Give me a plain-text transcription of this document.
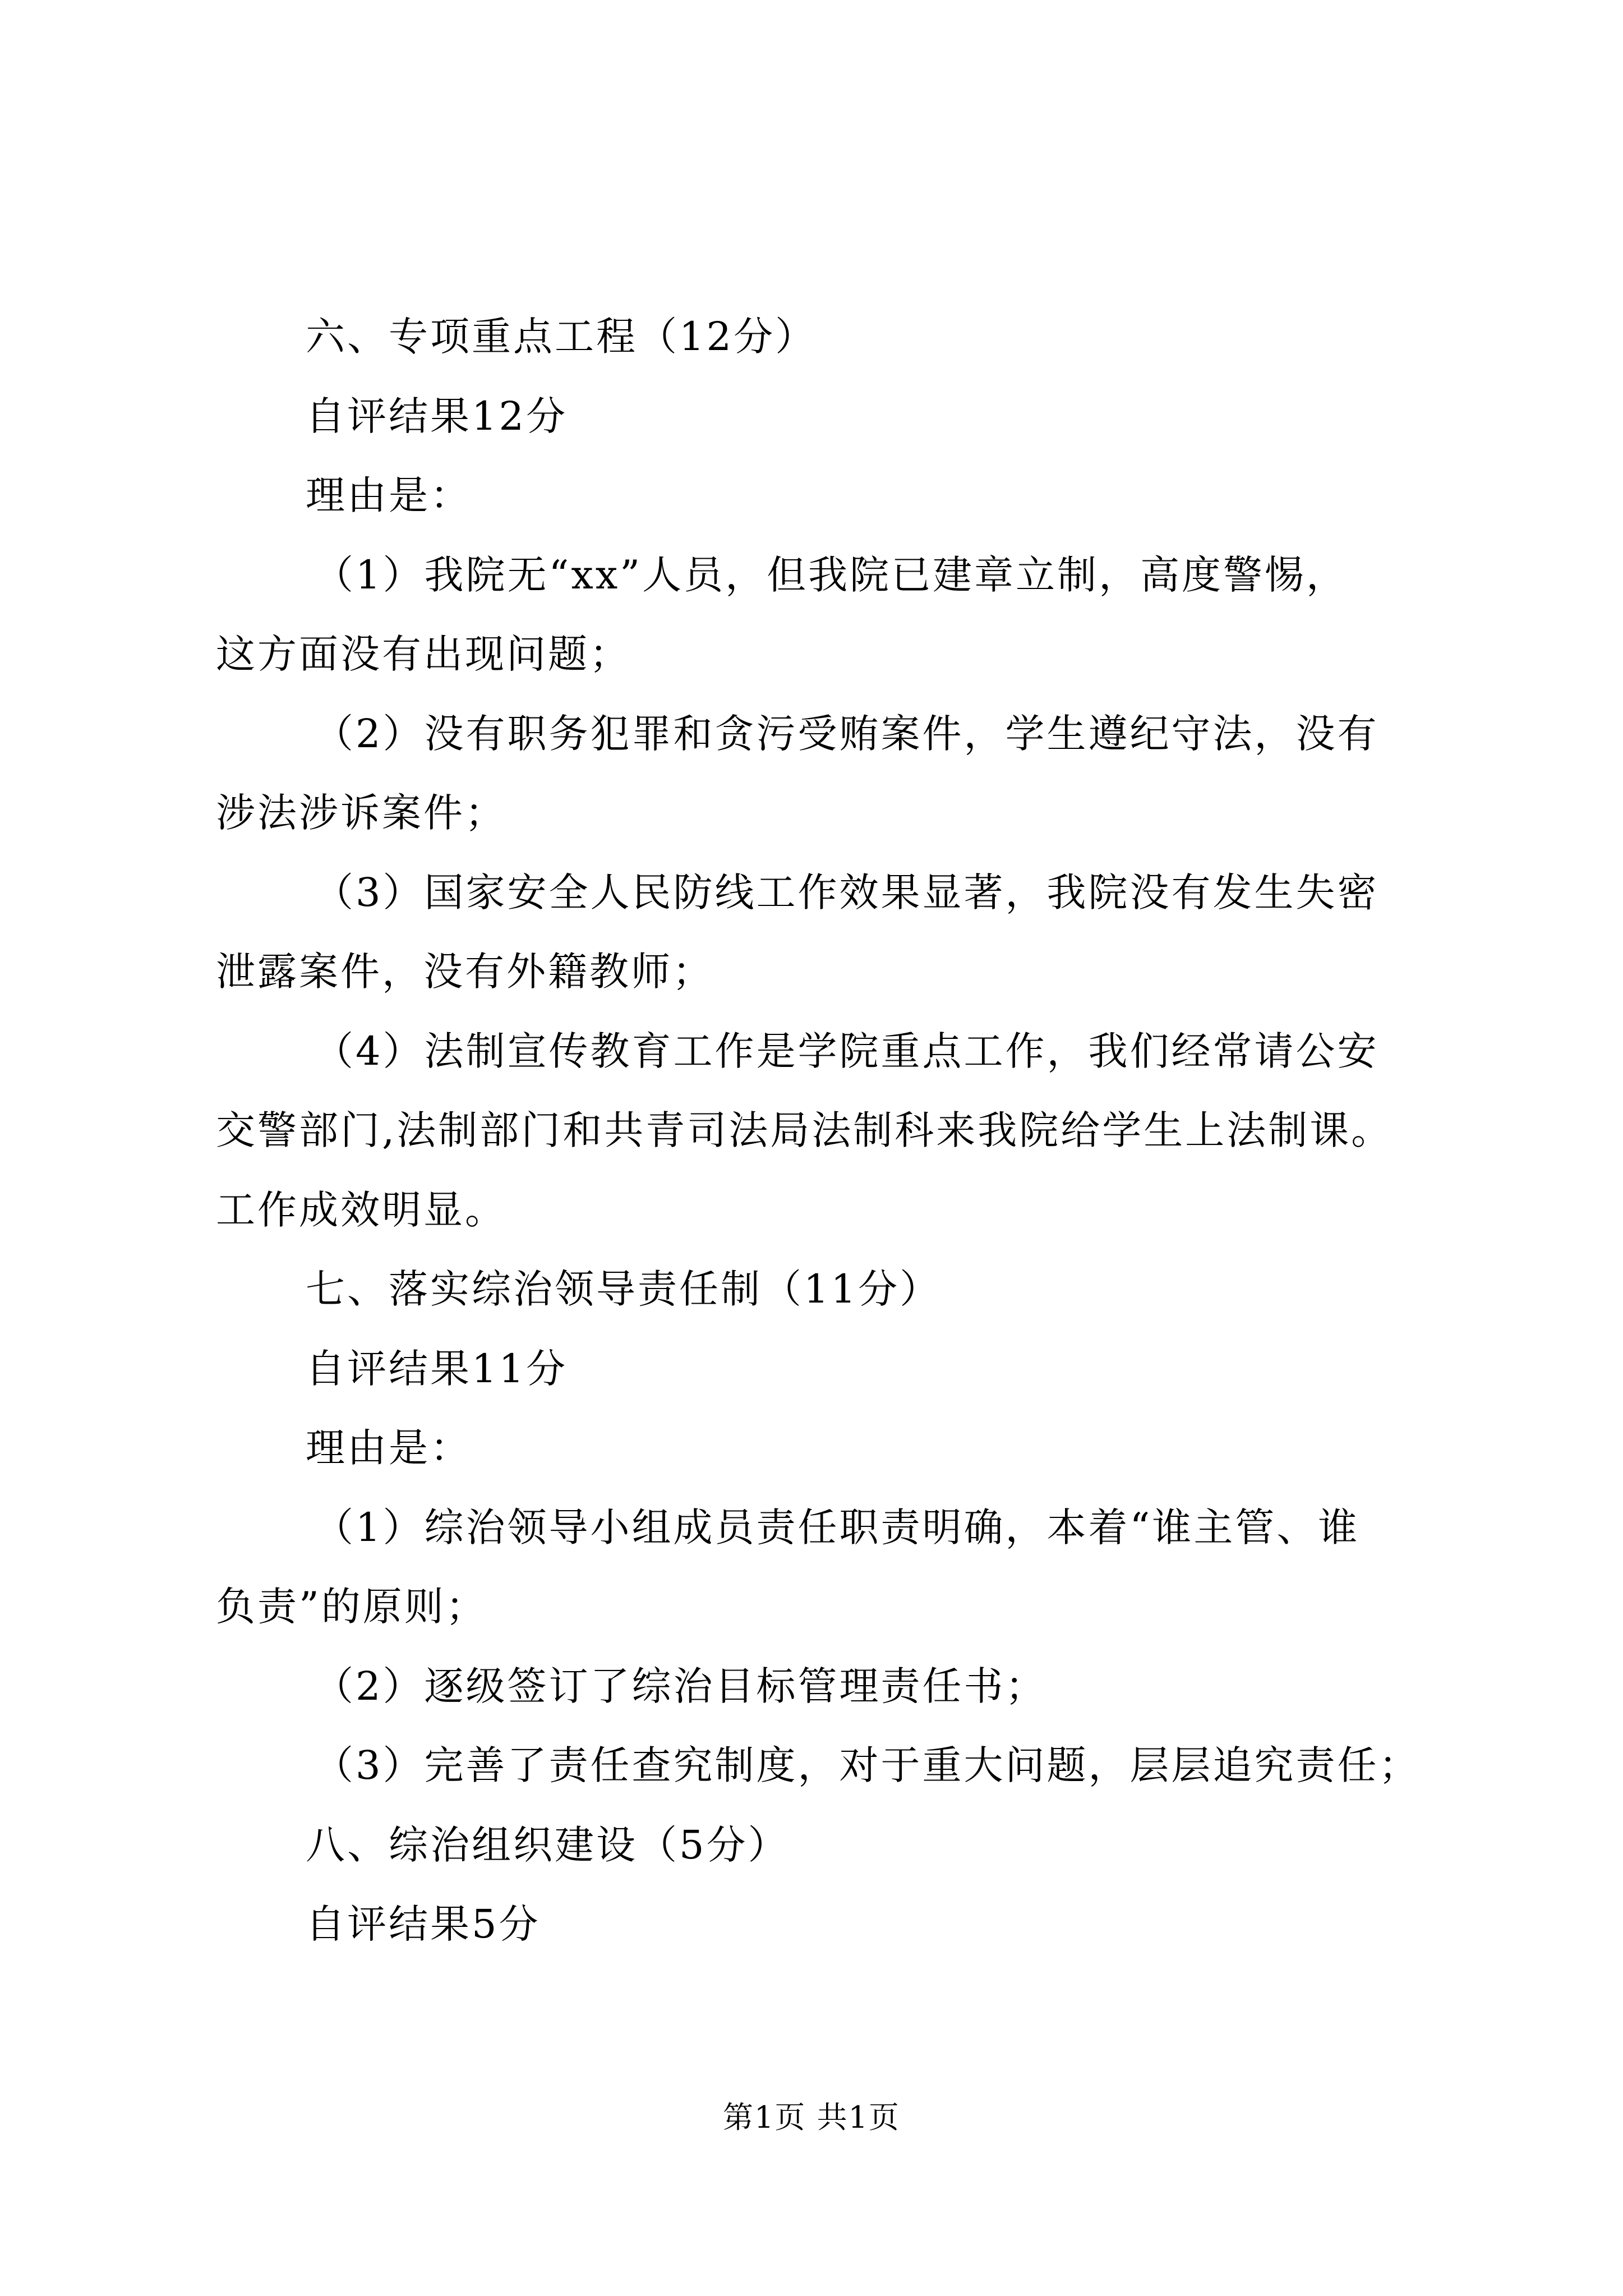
六、专项重点工程（12分）
自评结果12分
理由是：
（1）我院无“xx”人员，但我院已建章立制，高度警惕，
这方面没有出现问题；
（2）没有职务犯罪和贪污受贿案件，学生遵纪守法，没有
涉法涉诉案件；
（3）国家安全人民防线工作效果显著，我院没有发生失密
泄露案件，没有外籍教师；
（4）法制宣传教育工作是学院重点工作，我们经常请公安
交警部门,法制部门和共青司法局法制科来我院给学生上法制课。
工作成效明显。
七、落实综治领导责任制（11分）
自评结果11分
理由是：
（1）综治领导小组成员责任职责明确，本着“谁主管、谁
负责”的原则；
（2）逐级签订了综治目标管理责任书；
（3）完善了责任查究制度，对于重大问题，层层追究责任；
八、综治组织建设（5分）
自评结果5分
第1页 共1页
